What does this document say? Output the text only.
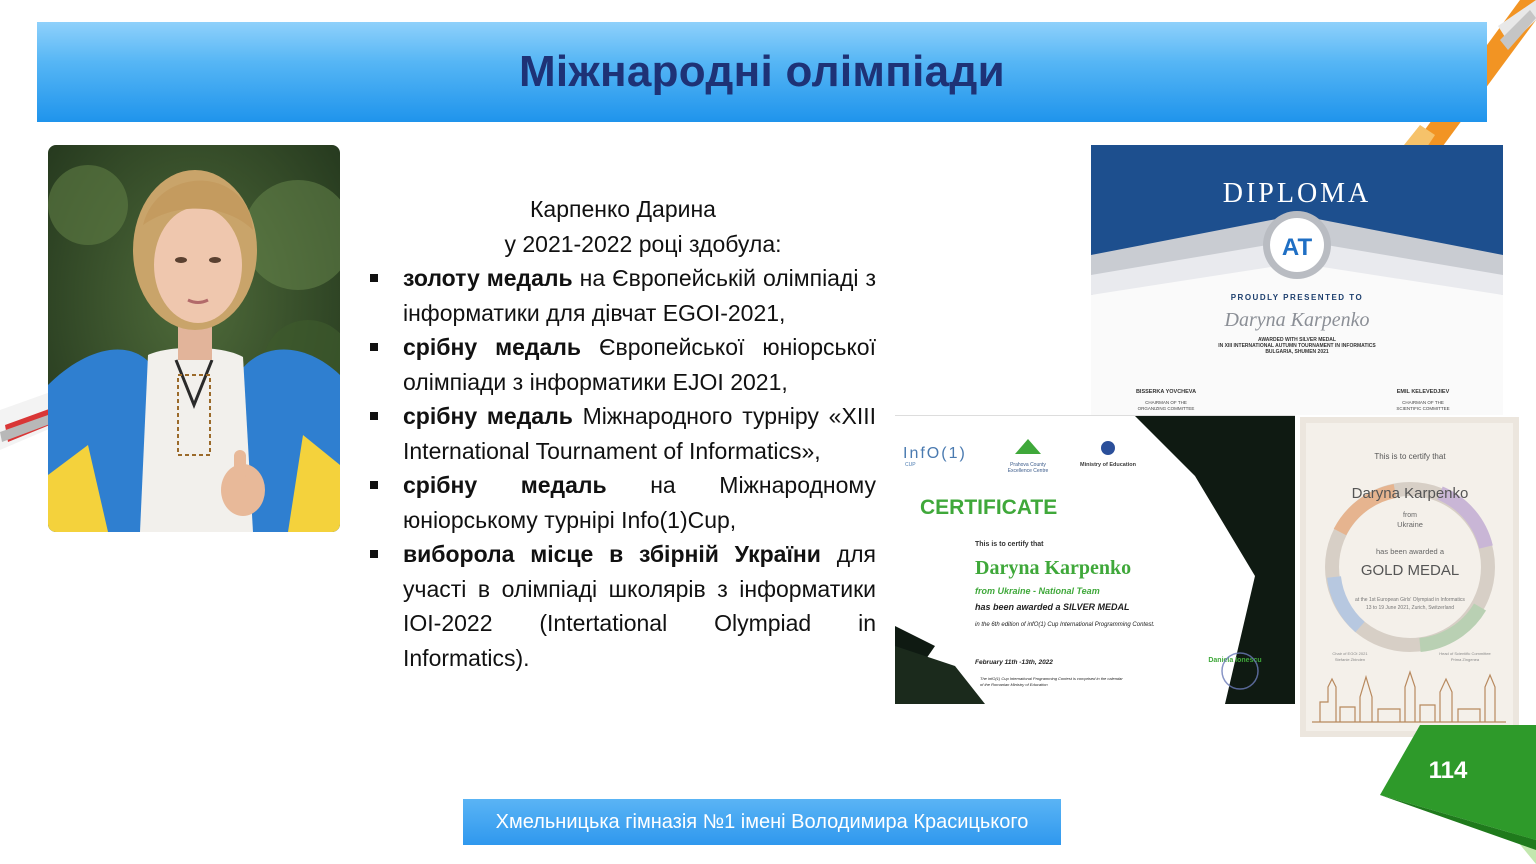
Міжнародні олімпіади
Карпенко Дарина
у 2021-2022 році здобула:
золоту медаль на Європейській олімпіаді з інформатики для дівчат EGOI-2021,
срібну медаль Європейської юніорської олімпіади з інформатики EJOI 2021,
срібну медаль Міжнародного турніру «XIII International Tournament of Informatics»,
срібну медаль на Міжнародному юніорському турнірі Info(1)Cup,
виборола місце в збірній України для участі в олімпіаді школярів з інформатики IOI-2022 (Intertational Olympiad in Informatics).
DIPLOMA
AT
PROUDLY PRESENTED TO
Daryna Karpenko
AWARDED WITH SILVER MEDAL
IN XIII INTERNATIONAL AUTUMN TOURNAMENT IN INFORMATICS
BULGARIA, SHUMEN 2021
BISSERKA YOVCHEVA
CHAIRMAN OF THE
ORGANIZING COMMITTEE
EMIL KELEVEDJIEV
CHAIRMAN OF THE
SCIENTIFIC COMMITTEE
InfO(1)
CUP	Prahova County
Excellence Centre
Ministry of Education
CERTIFICATE
This is to certify that
Daryna Karpenko
from Ukraine - National Team
has been awarded a SILVER MEDAL
in the 6th edition of infO(1) Cup International Programming Contest.
February 11th -13th, 2022
The infO(1) Cup International Programming Contest is comprised in the calendar
of the Romanian Ministry of Education
Daniela Ionescu
This is to certify that
Daryna Karpenko
from
Ukraine
has been awarded a
GOLD MEDAL
at the 1st European Girls' Olympiad in Informatics
13 to 19 June 2021, Zurich, Switzerland
Chair of EGOI 2021
Stefanie Zbinden
Head of Scientific Committee
Prima Zingenea
114
Хмельницька гімназія №1 імені Володимира Красицького
